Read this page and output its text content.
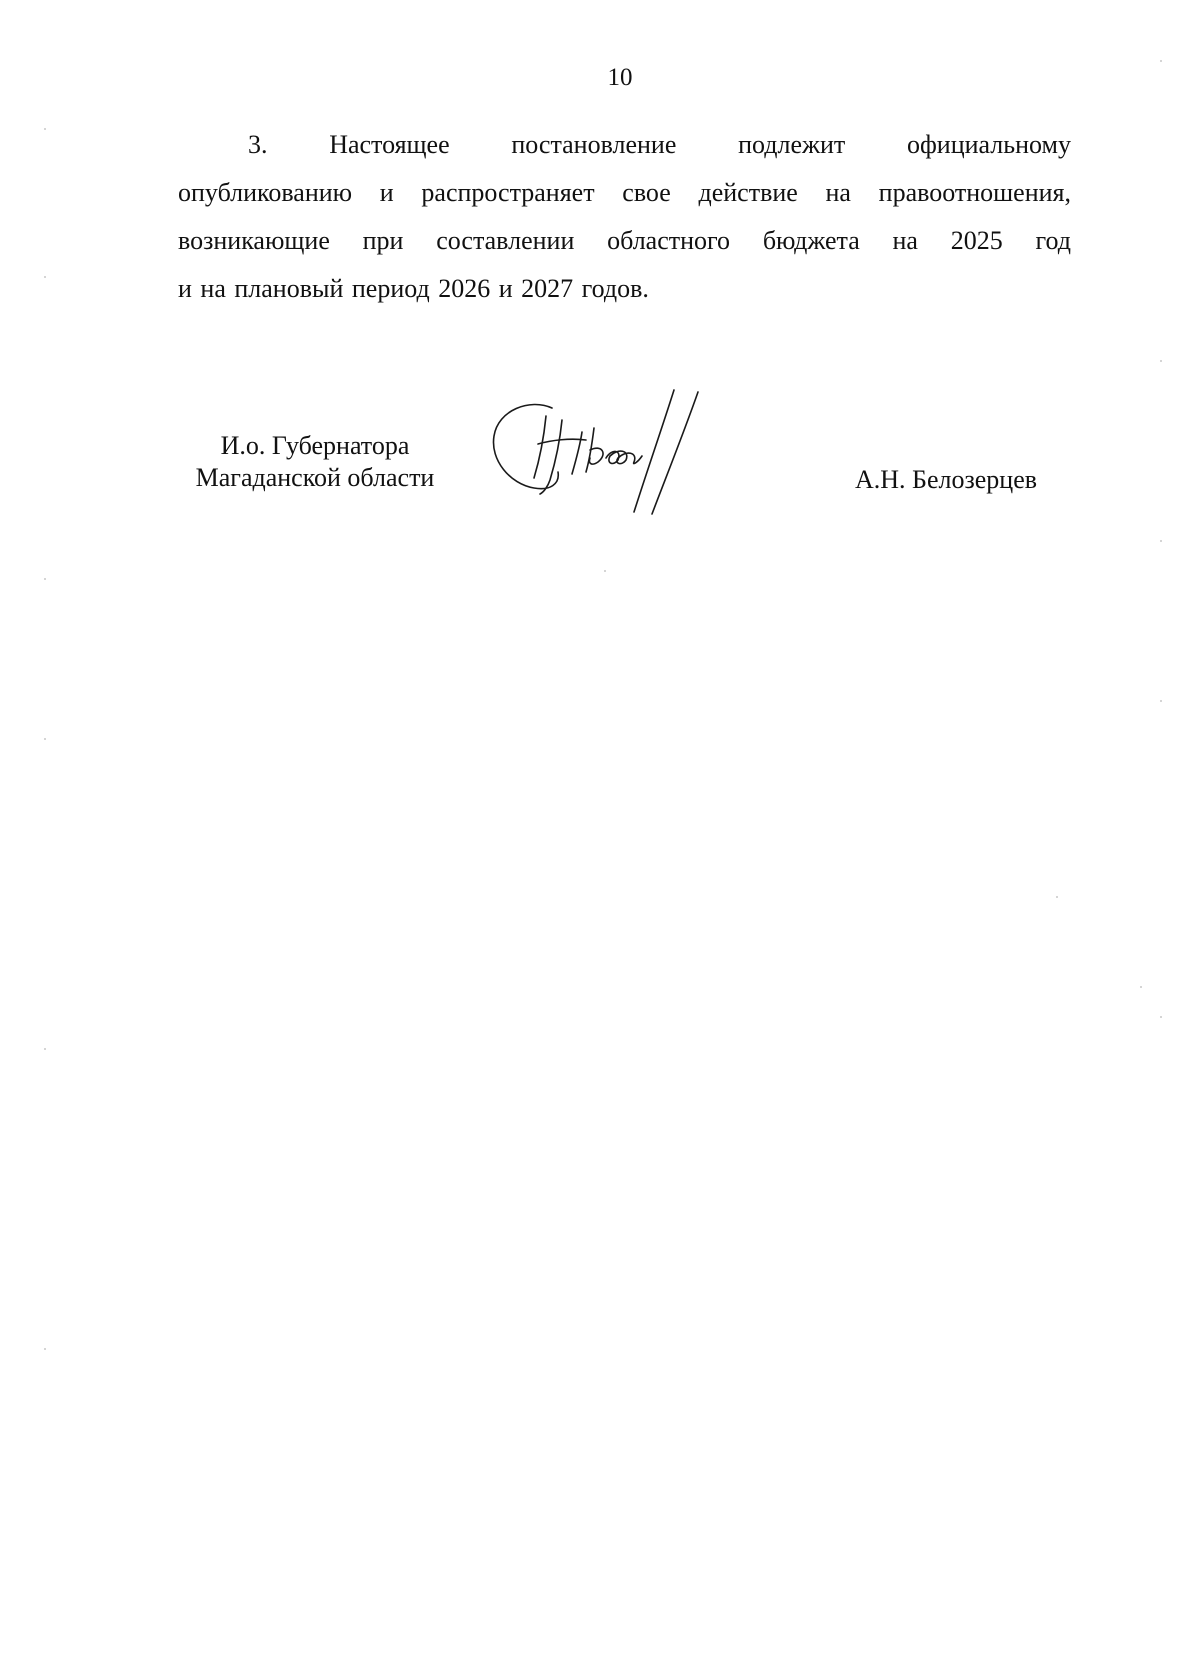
10
3. Настоящее постановление подлежит официальному
опубликованию и распространяет свое действие на правоотношения,
возникающие при составлении областного бюджета на 2025 год
и на плановый период 2026 и 2027 годов.
И.о. Губернатора
Магаданской области	А.Н. Белозерцев
